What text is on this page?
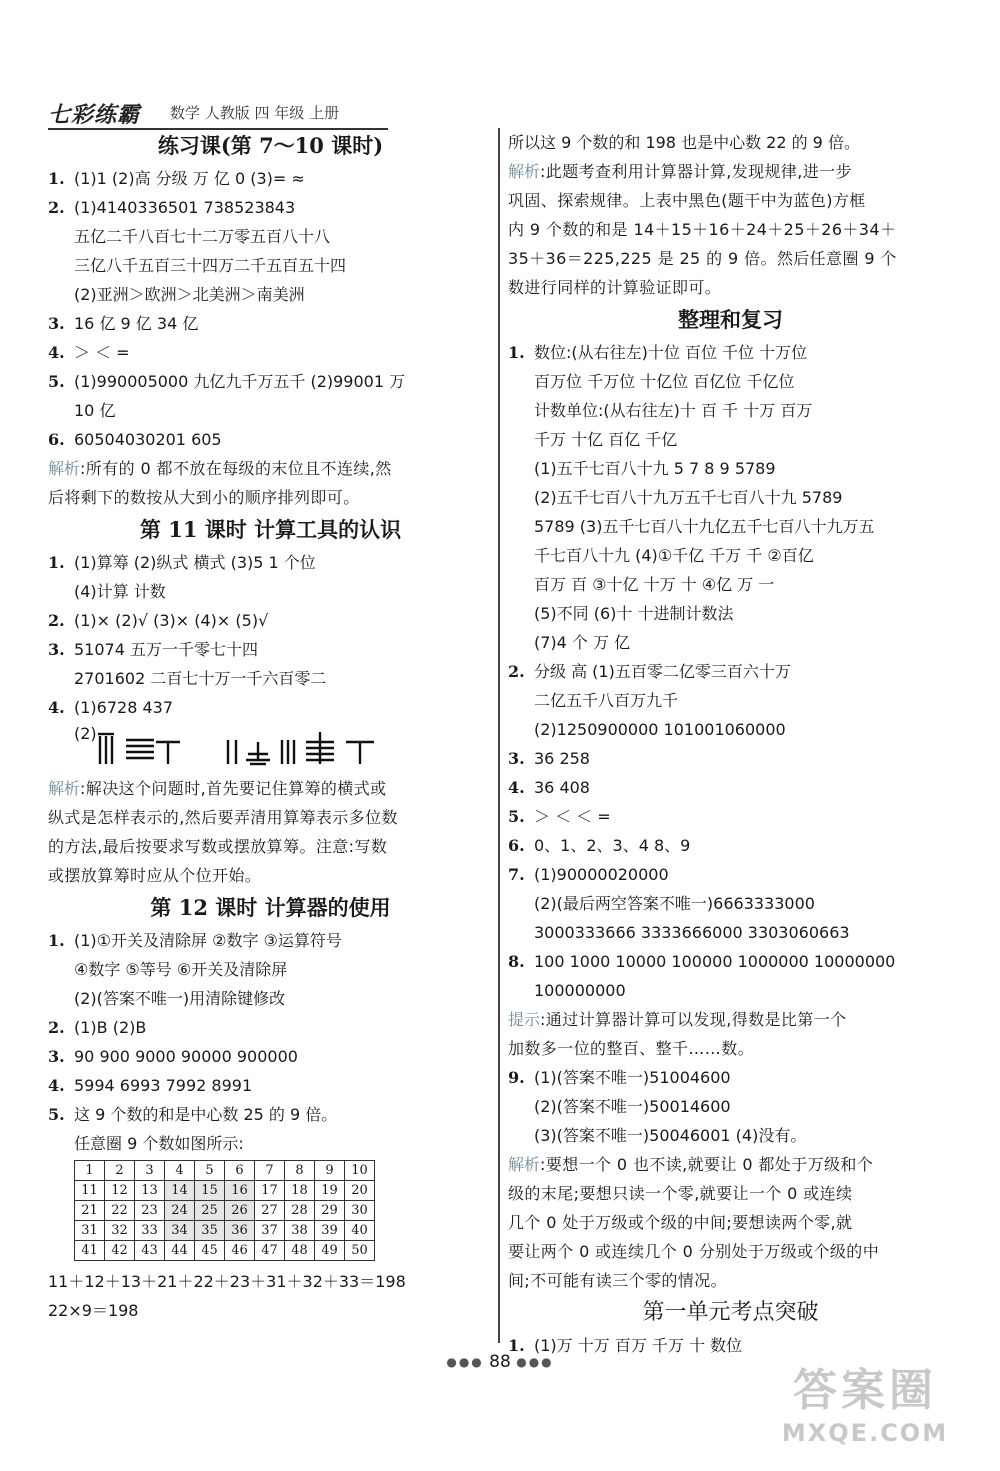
七彩练霸 数学 人教版 四 年级 上册
练习课(第 7～10 课时)
1. (1)1 (2)高 分级 万 亿 0 (3)= ≈
2. (1)4140336501 738523843
五亿二千八百七十二万零五百八十八
三亿八千五百三十四万二千五百五十四
(2)亚洲＞欧洲＞北美洲＞南美洲
3. 16 亿 9 亿 34 亿
4. ＞ ＜ =
5. (1)990005000 九亿九千万五千 (2)99001 万
10 亿
6. 60504030201 605
解析:所有的 0 都不放在每级的末位且不连续,然
后将剩下的数按从大到小的顺序排列即可。
第 11 课时 计算工具的认识
1. (1)算筹 (2)纵式 横式 (3)5 1 个位
(4)计算 计数
2. (1)× (2)√ (3)× (4)× (5)√
3. 51074 五万一千零七十四
2701602 二百七十万一千六百零二
4. (1)6728 437
(2)
解析:解决这个问题时,首先要记住算筹的横式或
纵式是怎样表示的,然后要弄清用算筹表示多位数
的方法,最后按要求写数或摆放算筹。注意:写数
或摆放算筹时应从个位开始。
第 12 课时 计算器的使用
1. (1)①开关及清除屏 ②数字 ③运算符号
④数字 ⑤等号 ⑥开关及清除屏
(2)(答案不唯一)用清除键修改
2. (1)B (2)B
3. 90 900 9000 90000 900000
4. 5994 6993 7992 8991
5. 这 9 个数的和是中心数 25 的 9 倍。
任意圈 9 个数如图所示:
1	2	3	4	5	6	7	8	9	10
11	12	13	14	15	16	17	18	19	20
21	22	23	24	25	26	27	28	29	30
31	32	33	34	35	36	37	38	39	40
41	42	43	44	45	46	47	48	49	50
11＋12＋13＋21＋22＋23＋31＋32＋33＝198
22×9＝198
所以这 9 个数的和 198 也是中心数 22 的 9 倍。
解析:此题考查利用计算器计算,发现规律,进一步
巩固、探索规律。上表中黑色(题干中为蓝色)方框
内 9 个数的和是 14＋15＋16＋24＋25＋26＋34＋
35＋36＝225,225 是 25 的 9 倍。然后任意圈 9 个
数进行同样的计算验证即可。
整理和复习
1. 数位:(从右往左)十位 百位 千位 十万位
百万位 千万位 十亿位 百亿位 千亿位
计数单位:(从右往左)十 百 千 十万 百万
千万 十亿 百亿 千亿
(1)五千七百八十九 5 7 8 9 5789
(2)五千七百八十九万五千七百八十九 5789
5789 (3)五千七百八十九亿五千七百八十九万五
千七百八十九 (4)①千亿 千万 千 ②百亿
百万 百 ③十亿 十万 十 ④亿 万 一
(5)不同 (6)十 十进制计数法
(7)4 个 万 亿
2. 分级 高 (1)五百零二亿零三百六十万
二亿五千八百万九千
(2)1250900000 101001060000
3. 36 258
4. 36 408
5. ＞ ＜ ＜ =
6. 0、1、2、3、4 8、9
7. (1)90000020000
(2)(最后两空答案不唯一)6663333000
3000333666 3333666000 3303060663
8. 100 1000 10000 100000 1000000 10000000
100000000
提示:通过计算器计算可以发现,得数是比第一个
加数多一位的整百、整千……数。
9. (1)(答案不唯一)51004600
(2)(答案不唯一)50014600
(3)(答案不唯一)50046001 (4)没有。
解析:要想一个 0 也不读,就要让 0 都处于万级和个
级的末尾;要想只读一个零,就要让一个 0 或连续
几个 0 处于万级或个级的中间;要想读两个零,就
要让两个 0 或连续几个 0 分别处于万级或个级的中
间;不可能有读三个零的情况。
第一单元考点突破
1. (1)万 十万 百万 千万 十 数位
●●● 88 ●●●
答案圈
MXQE.COM
